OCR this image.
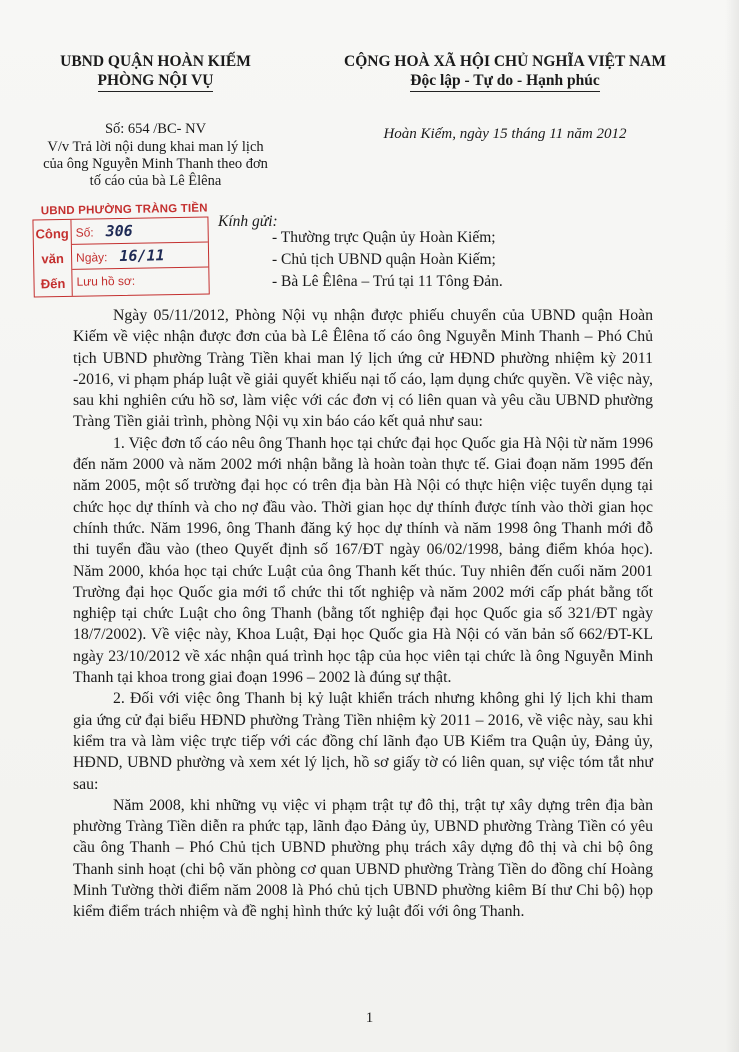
UBND QUẬN HOÀN KIẾM
PHÒNG NỘI VỤ
CỘNG HOÀ XÃ HỘI CHỦ NGHĨA VIỆT NAM
Độc lập - Tự do - Hạnh phúc
Số: 654 /BC- NV
V/v Trả lời nội dung khai man lý lịch
của ông Nguyễn Minh Thanh theo đơn
tố cáo của bà Lê Êlêna
Hoàn Kiếm, ngày 15 tháng 11 năm 2012
UBND PHƯỜNG TRÀNG TIỀN
Công
văn
Đến
Số: 306
Ngày: 16/11
Lưu hồ sơ:
Kính gửi:
- Thường trực Quận ủy Hoàn Kiếm;
- Chủ tịch UBND quận Hoàn Kiếm;
- Bà Lê Êlêna – Trú tại 11 Tông Đản.

Ngày 05/11/2012, Phòng Nội vụ nhận được phiếu chuyển của UBND quận Hoàn Kiếm về việc nhận được đơn của bà Lê Êlêna tố cáo ông Nguyễn Minh Thanh – Phó Chủ tịch UBND phường Tràng Tiền khai man lý lịch ứng cử HĐND phường nhiệm kỳ 2011 -2016, vi phạm pháp luật về giải quyết khiếu nại tố cáo, lạm dụng chức quyền. Về việc này, sau khi nghiên cứu hồ sơ, làm việc với các đơn vị có liên quan và yêu cầu UBND phường Tràng Tiền giải trình, phòng Nội vụ xin báo cáo kết quả như sau:

1. Việc đơn tố cáo nêu ông Thanh học tại chức đại học Quốc gia Hà Nội từ năm 1996 đến năm 2000 và năm 2002 mới nhận bằng là hoàn toàn thực tế. Giai đoạn năm 1995 đến năm 2005, một số trường đại học có trên địa bàn Hà Nội có thực hiện việc tuyển dụng tại chức học dự thính và cho nợ đầu vào. Thời gian học dự thính được tính vào thời gian học chính thức. Năm 1996, ông Thanh đăng ký học dự thính và năm 1998 ông Thanh mới đỗ thi tuyển đầu vào (theo Quyết định số 167/ĐT ngày 06/02/1998, bảng điểm khóa học). Năm 2000, khóa học tại chức Luật của ông Thanh kết thúc. Tuy nhiên đến cuối năm 2001 Trường đại học Quốc gia mới tổ chức thi tốt nghiệp và năm 2002 mới cấp phát bằng tốt nghiệp tại chức Luật cho ông Thanh (bằng tốt nghiệp đại học Quốc gia số 321/ĐT ngày 18/7/2002). Về việc này, Khoa Luật, Đại học Quốc gia Hà Nội có văn bản số 662/ĐT-KL ngày 23/10/2012 về xác nhận quá trình học tập của học viên tại chức là ông Nguyễn Minh Thanh tại khoa trong giai đoạn 1996 – 2002 là đúng sự thật.

2. Đối với việc ông Thanh bị kỷ luật khiển trách nhưng không ghi lý lịch khi tham gia ứng cử đại biểu HĐND phường Tràng Tiền nhiệm kỳ 2011 – 2016, về việc này, sau khi kiểm tra và làm việc trực tiếp với các đồng chí lãnh đạo UB Kiểm tra Quận ủy, Đảng ủy, HĐND, UBND phường và xem xét lý lịch, hồ sơ giấy tờ có liên quan, sự việc tóm tắt như sau:

Năm 2008, khi những vụ việc vi phạm trật tự đô thị, trật tự xây dựng trên địa bàn phường Tràng Tiền diễn ra phức tạp, lãnh đạo Đảng ủy, UBND phường Tràng Tiền có yêu cầu ông Thanh – Phó Chủ tịch UBND phường phụ trách xây dựng đô thị và chi bộ ông Thanh sinh hoạt (chi bộ văn phòng cơ quan UBND phường Tràng Tiền do đồng chí Hoàng Minh Tường thời điểm năm 2008 là Phó chủ tịch UBND phường kiêm Bí thư Chi bộ) họp kiểm điểm trách nhiệm và đề nghị hình thức kỷ luật đối với ông Thanh.

1
